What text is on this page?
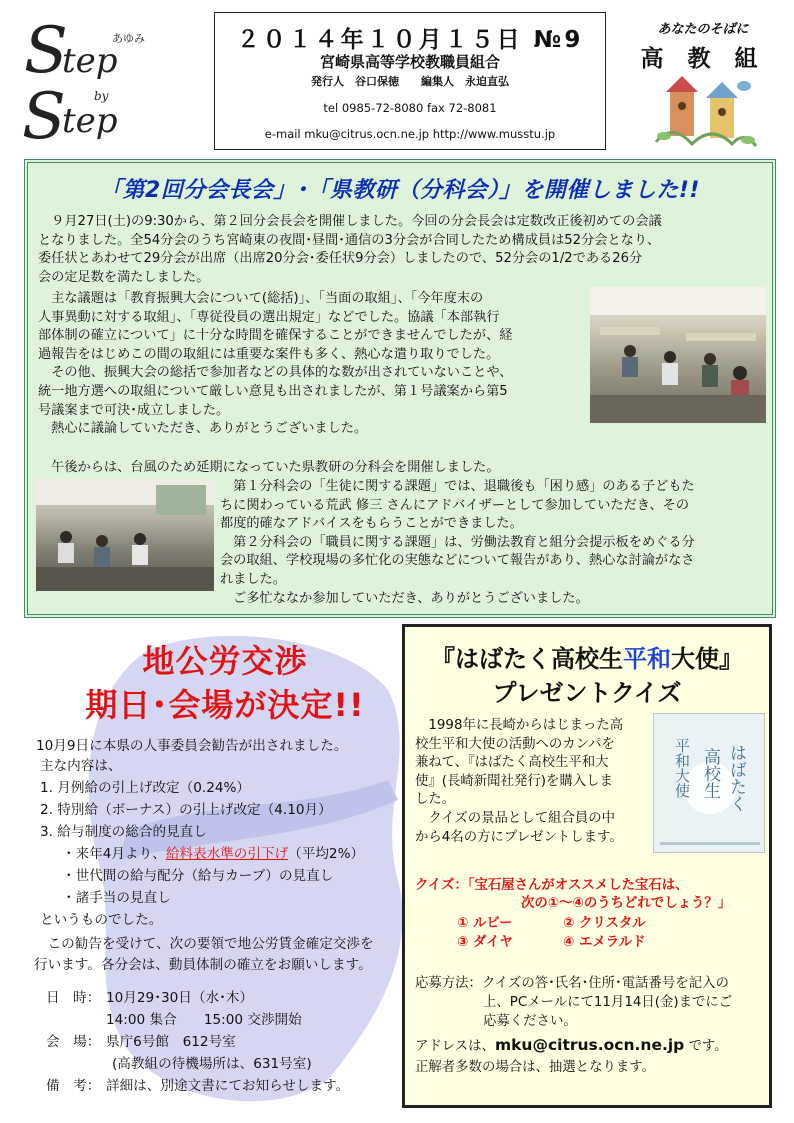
S
tep
あゆみ
by
S
tep
２０１４年１０月１５日 №9
宮崎県高等学校教職員組合
発行人　谷口保徳　　編集人　永迫直弘
tel 0985-72-8080 fax 72-8081
e-mail mku@citrus.ocn.ne.jp http://www.musstu.jp
あなたのそばに
高 教 組
「第2回分会長会」･「県教研（分科会）」を開催しました!!
　９月27日(土)の9:30から、第２回分会長会を開催しました。今回の分会長会は定数改正後初めての会議
となりました。全54分会のうち宮崎東の夜間･昼間･通信の3分会が合同したため構成員は52分会となり、
委任状とあわせて29分会が出席（出席20分会･委任状9分会）しましたので、52分会の1/2である26分
会の定足数を満たしました。
　主な議題は「教育振興大会について(総括)」、「当面の取組」、「今年度末の
人事異動に対する取組」、「専従役員の選出規定」などでした。協議「本部執行
部体制の確立について」に十分な時間を確保することができませんでしたが、経
過報告をはじめこの間の取組には重要な案件も多く、熱心な遣り取りでした。
　その他、振興大会の総括で参加者などの具体的な数が出されていないことや、
統一地方選への取組について厳しい意見も出されましたが、第１号議案から第5
号議案まで可決･成立しました。
　熱心に議論していただき、ありがとうございました。
　午後からは、台風のため延期になっていた県教研の分科会を開催しました。
　第１分科会の「生徒に関する課題」では、退職後も「困り感」のある子どもた
ちに関わっている荒武 修三 さんにアドバイザーとして参加していただき、その
都度的確なアドバイスをもらうことができました。
　第２分科会の「職員に関する課題」は、労働法教育と組分会提示板をめぐる分
会の取組、学校現場の多忙化の実態などについて報告があり、熱心な討論がなさ
れました。
　ご多忙ななか参加していただき、ありがとうございました。
地公労交渉
期日･会場が決定!!
10月9日に本県の人事委員会勧告が出されました。
主な内容は、
1. 月例給の引上げ改定（0.24%）
2. 特別給（ボーナス）の引上げ改定（4.10月）
3. 給与制度の総合的見直し
・来年4月より、給料表水準の引下げ（平均2%）
・世代間の給与配分（給与カーブ）の見直し
・諸手当の見直し
というものでした。
　この勧告を受けて、次の要領で地公労賃金確定交渉を
行います。各分会は、動員体制の確立をお願いします。
日　時： 10月29･30日（水･木）
14:00 集合　　15:00 交渉開始
会　場： 県庁6号館　612号室
(高教組の待機場所は、631号室)
備　考： 詳細は、別途文書にてお知らせします。
『はばたく高校生平和大使』
プレゼントクイズ
　1998年に長崎からはじまった高
校生平和大使の活動へのカンパを
兼ねて、『はばたく高校生平和大
使』(長崎新聞社発行)を購入しま
した。
　クイズの景品として組合員の中
から4名の方にプレゼントします。
はばたく
高校生
平和大使
クイズ：「宝石屋さんがオススメした宝石は、
次の①～④のうちどれでしょう？」
① ルビー	② クリスタル
③ ダイヤ	④ エメラルド
応募方法：クイズの答･氏名･住所･電話番号を記入の
上、PCメールにて11月14日(金)までにご
応募ください。
アドレスは、mku@citrus.ocn.ne.jp です。
正解者多数の場合は、抽選となります。
